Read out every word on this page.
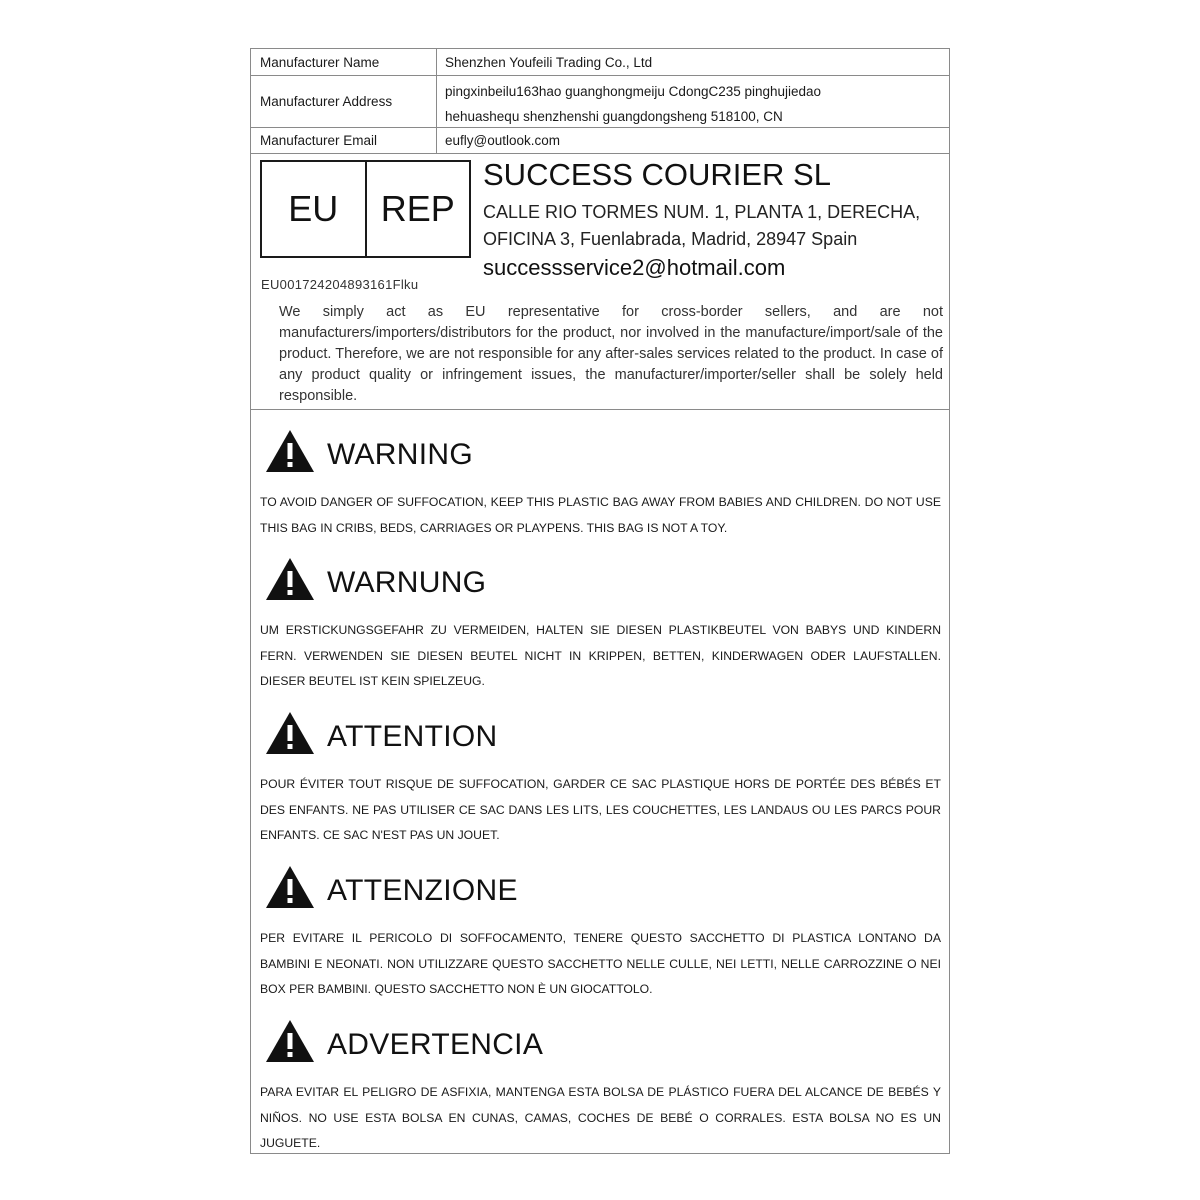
Manufacturer Name	Shenzhen Youfeili Trading Co., Ltd
Manufacturer Address
pingxinbeilu163hao guanghongmeiju CdongC235 pinghujiedao
hehuashequ shenzhenshi guangdongsheng 518100, CN
Manufacturer Email	eufly@outlook.com
EU	REP
EU001724204893161Flku
SUCCESS COURIER SL
CALLE RIO TORMES NUM. 1, PLANTA 1, DERECHA, OFICINA 3, Fuenlabrada, Madrid, 28947 Spain
successservice2@hotmail.com
We simply act as EU representative for cross-border sellers, and are not manufacturers/importers/distributors for the product, nor involved in the manufacture/import/sale of the product. Therefore, we are not responsible for any after-sales services related to the product. In case of any product quality or infringement issues, the manufacturer/importer/seller shall be solely held responsible.
WARNING
TO AVOID DANGER OF SUFFOCATION, KEEP THIS PLASTIC BAG AWAY FROM BABIES AND CHILDREN. DO NOT USE THIS BAG IN CRIBS, BEDS, CARRIAGES OR PLAYPENS. THIS BAG IS NOT A TOY.
WARNUNG
UM ERSTICKUNGSGEFAHR ZU VERMEIDEN, HALTEN SIE DIESEN PLASTIKBEUTEL VON BABYS UND KINDERN FERN. VERWENDEN SIE DIESEN BEUTEL NICHT IN KRIPPEN, BETTEN, KINDERWAGEN ODER LAUFSTALLEN. DIESER BEUTEL IST KEIN SPIELZEUG.
ATTENTION
POUR ÉVITER TOUT RISQUE DE SUFFOCATION, GARDER CE SAC PLASTIQUE HORS DE PORTÉE DES BÉBÉS ET DES ENFANTS. NE PAS UTILISER CE SAC DANS LES LITS, LES COUCHETTES, LES LANDAUS OU LES PARCS POUR ENFANTS. CE SAC N'EST PAS UN JOUET.
ATTENZIONE
PER EVITARE IL PERICOLO DI SOFFOCAMENTO, TENERE QUESTO SACCHETTO DI PLASTICA LONTANO DA BAMBINI E NEONATI. NON UTILIZZARE QUESTO SACCHETTO NELLE CULLE, NEI LETTI, NELLE CARROZZINE O NEI BOX PER BAMBINI. QUESTO SACCHETTO NON È UN GIOCATTOLO.
ADVERTENCIA
PARA EVITAR EL PELIGRO DE ASFIXIA, MANTENGA ESTA BOLSA DE PLÁSTICO FUERA DEL ALCANCE DE BEBÉS Y NIÑOS. NO USE ESTA BOLSA EN CUNAS, CAMAS, COCHES DE BEBÉ O CORRALES. ESTA BOLSA NO ES UN JUGUETE.
